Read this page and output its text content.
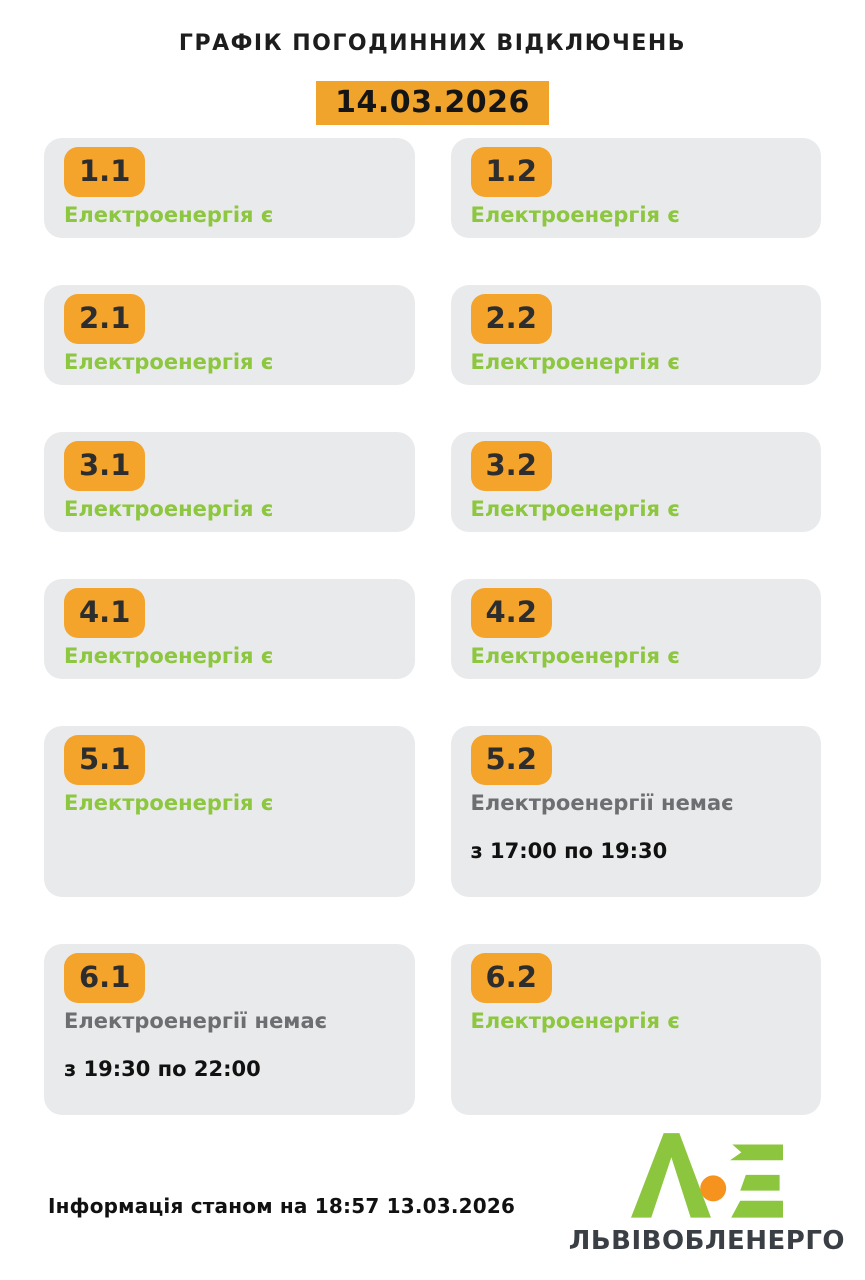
ГРАФІК ПОГОДИННИХ ВІДКЛЮЧЕНЬ
14.03.2026
1.1
Електроенергія є
1.2
Електроенергія є
2.1
Електроенергія є
2.2
Електроенергія є
3.1
Електроенергія є
3.2
Електроенергія є
4.1
Електроенергія є
4.2
Електроенергія є
5.1
Електроенергія є
5.2
Електроенергії немає
з 17:00 по 19:30
6.1
Електроенергії немає
з 19:30 по 22:00
6.2
Електроенергія є
Інформація станом на 18:57 13.03.2026
ЛЬВІВОБЛЕНЕРГО
